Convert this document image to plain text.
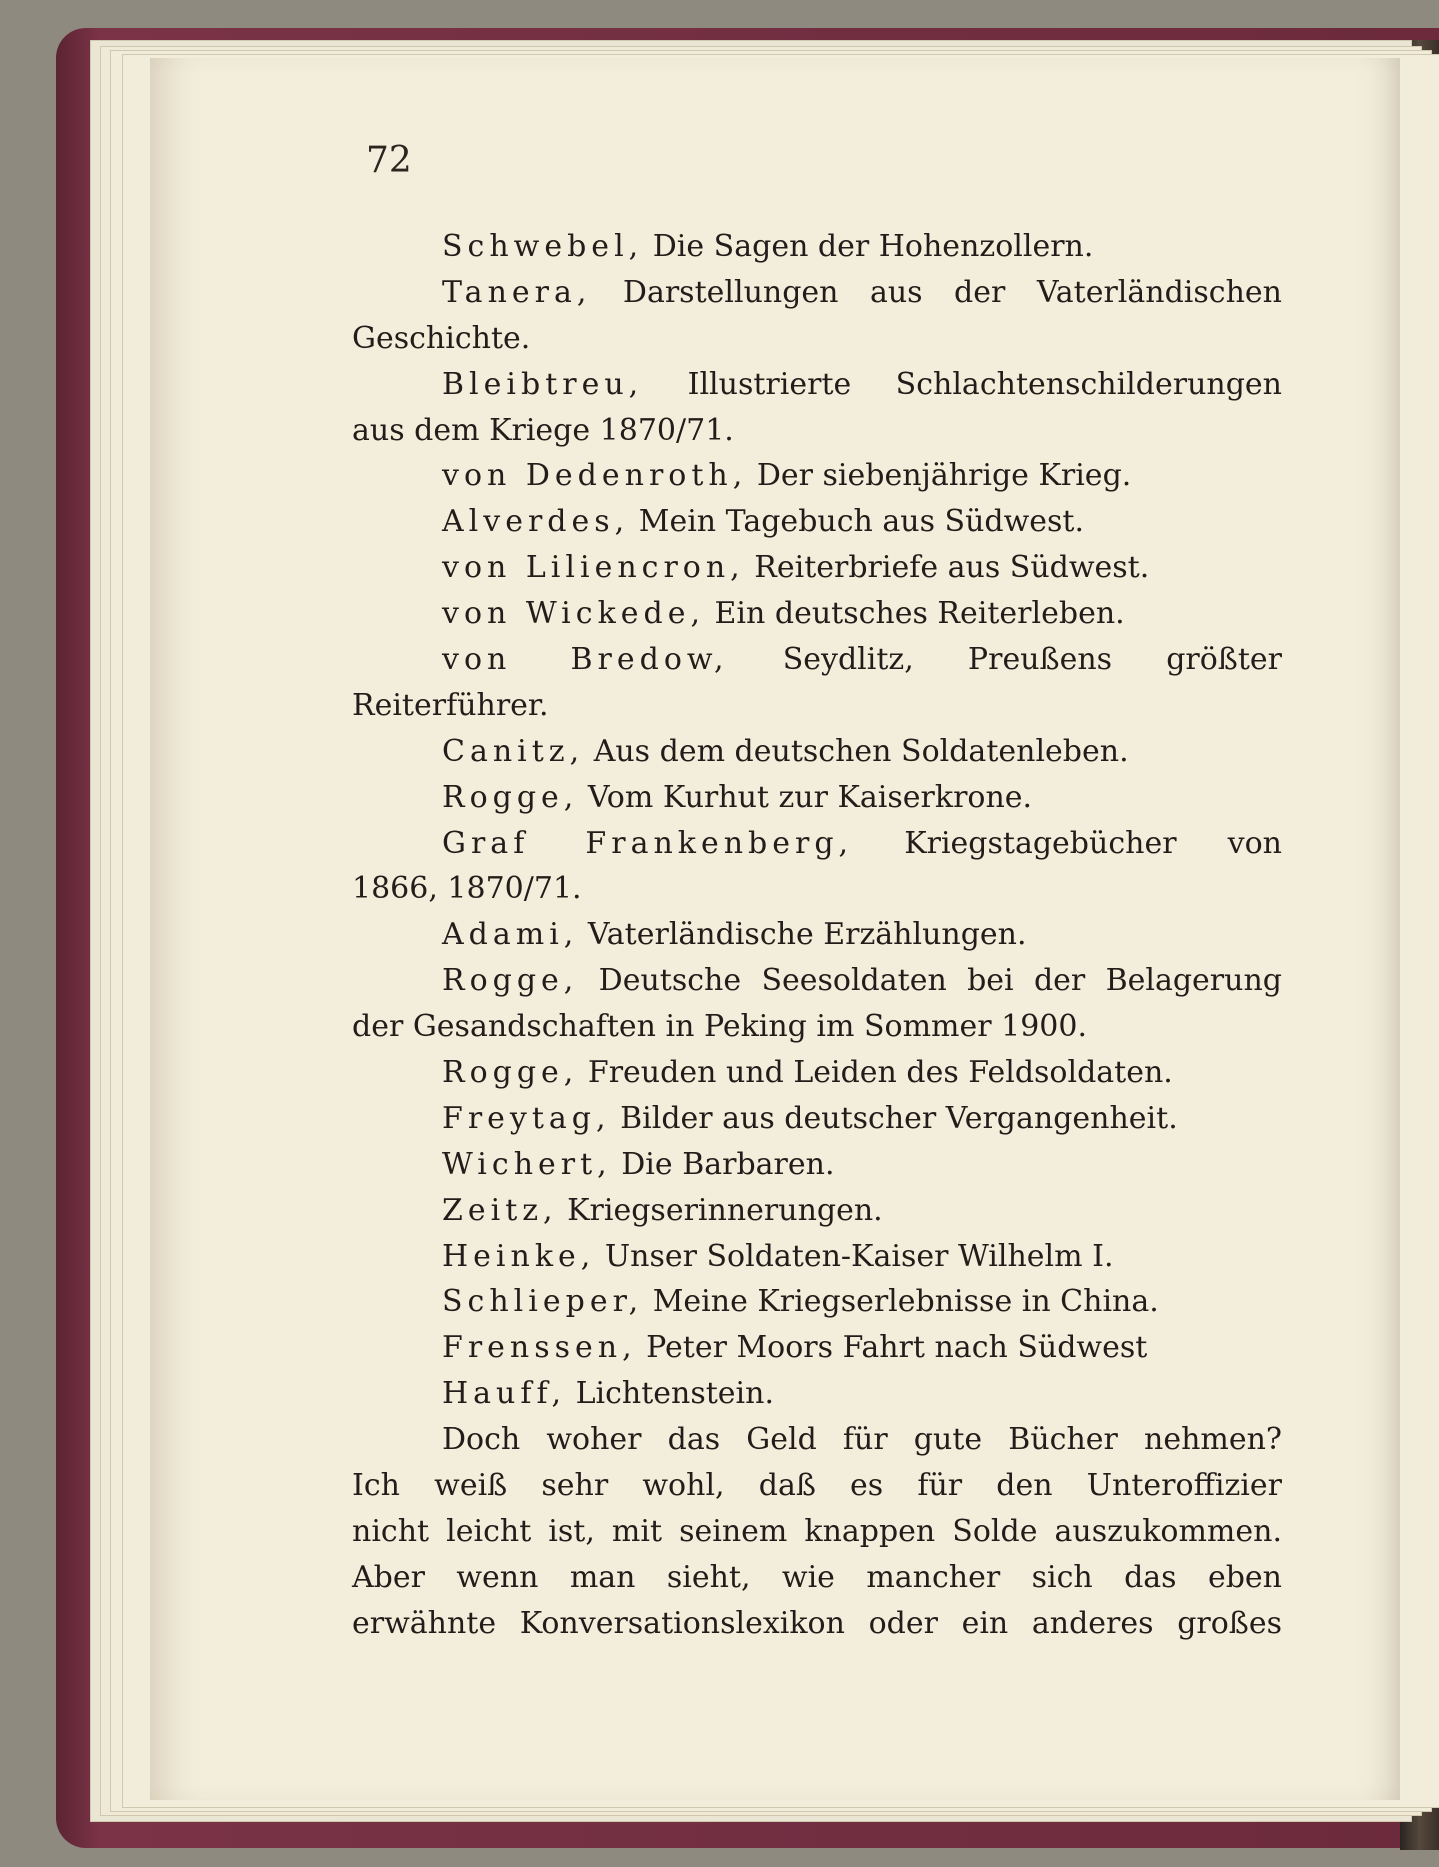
72
Schwebel, Die Sagen der Hohenzollern.
Tanera, Darstellungen aus der Vaterländischen
Geschichte.
Bleibtreu, Illustrierte Schlachtenschilderungen
aus dem Kriege 1870/71.
von Dedenroth, Der siebenjährige Krieg.
Alverdes, Mein Tagebuch aus Südwest.
von Liliencron, Reiterbriefe aus Südwest.
von Wickede, Ein deutsches Reiterleben.
von Bredow, Seydlitz, Preußens größter
Reiterführer.
Canitz, Aus dem deutschen Soldatenleben.
Rogge, Vom Kurhut zur Kaiserkrone.
Graf Frankenberg, Kriegstagebücher von
1866, 1870/71.
Adami, Vaterländische Erzählungen.
Rogge, Deutsche Seesoldaten bei der Belagerung
der Gesandschaften in Peking im Sommer 1900.
Rogge, Freuden und Leiden des Feldsoldaten.
Freytag, Bilder aus deutscher Vergangenheit.
Wichert, Die Barbaren.
Zeitz, Kriegserinnerungen.
Heinke, Unser Soldaten-Kaiser Wilhelm I.
Schlieper, Meine Kriegserlebnisse in China.
Frenssen, Peter Moors Fahrt nach Südwest
Hauff, Lichtenstein.
Doch woher das Geld für gute Bücher nehmen?
Ich weiß sehr wohl, daß es für den Unteroffizier
nicht leicht ist, mit seinem knappen Solde auszukommen.
Aber wenn man sieht, wie mancher sich das eben
erwähnte Konversationslexikon oder ein anderes großes
